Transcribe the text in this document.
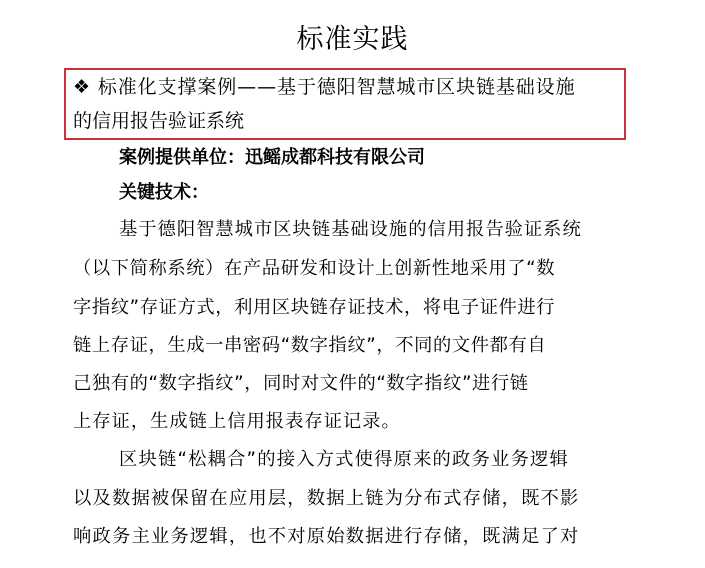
标准实践
❖ 标准化支撑案例——基于德阳智慧城市区块链基础设施
的信用报告验证系统
案例提供单位：迅鳐成都科技有限公司
关键技术：
基于德阳智慧城市区块链基础设施的信用报告验证系统
（以下简称系统）在产品研发和设计上创新性地采用了“数
字指纹”存证方式，利用区块链存证技术，将电子证件进行
链上存证，生成一串密码“数字指纹”，不同的文件都有自
己独有的“数字指纹”，同时对文件的“数字指纹”进行链
上存证，生成链上信用报表存证记录。
区块链“松耦合”的接入方式使得原来的政务业务逻辑
以及数据被保留在应用层，数据上链为分布式存储，既不影
响政务主业务逻辑，也不对原始数据进行存储，既满足了对
